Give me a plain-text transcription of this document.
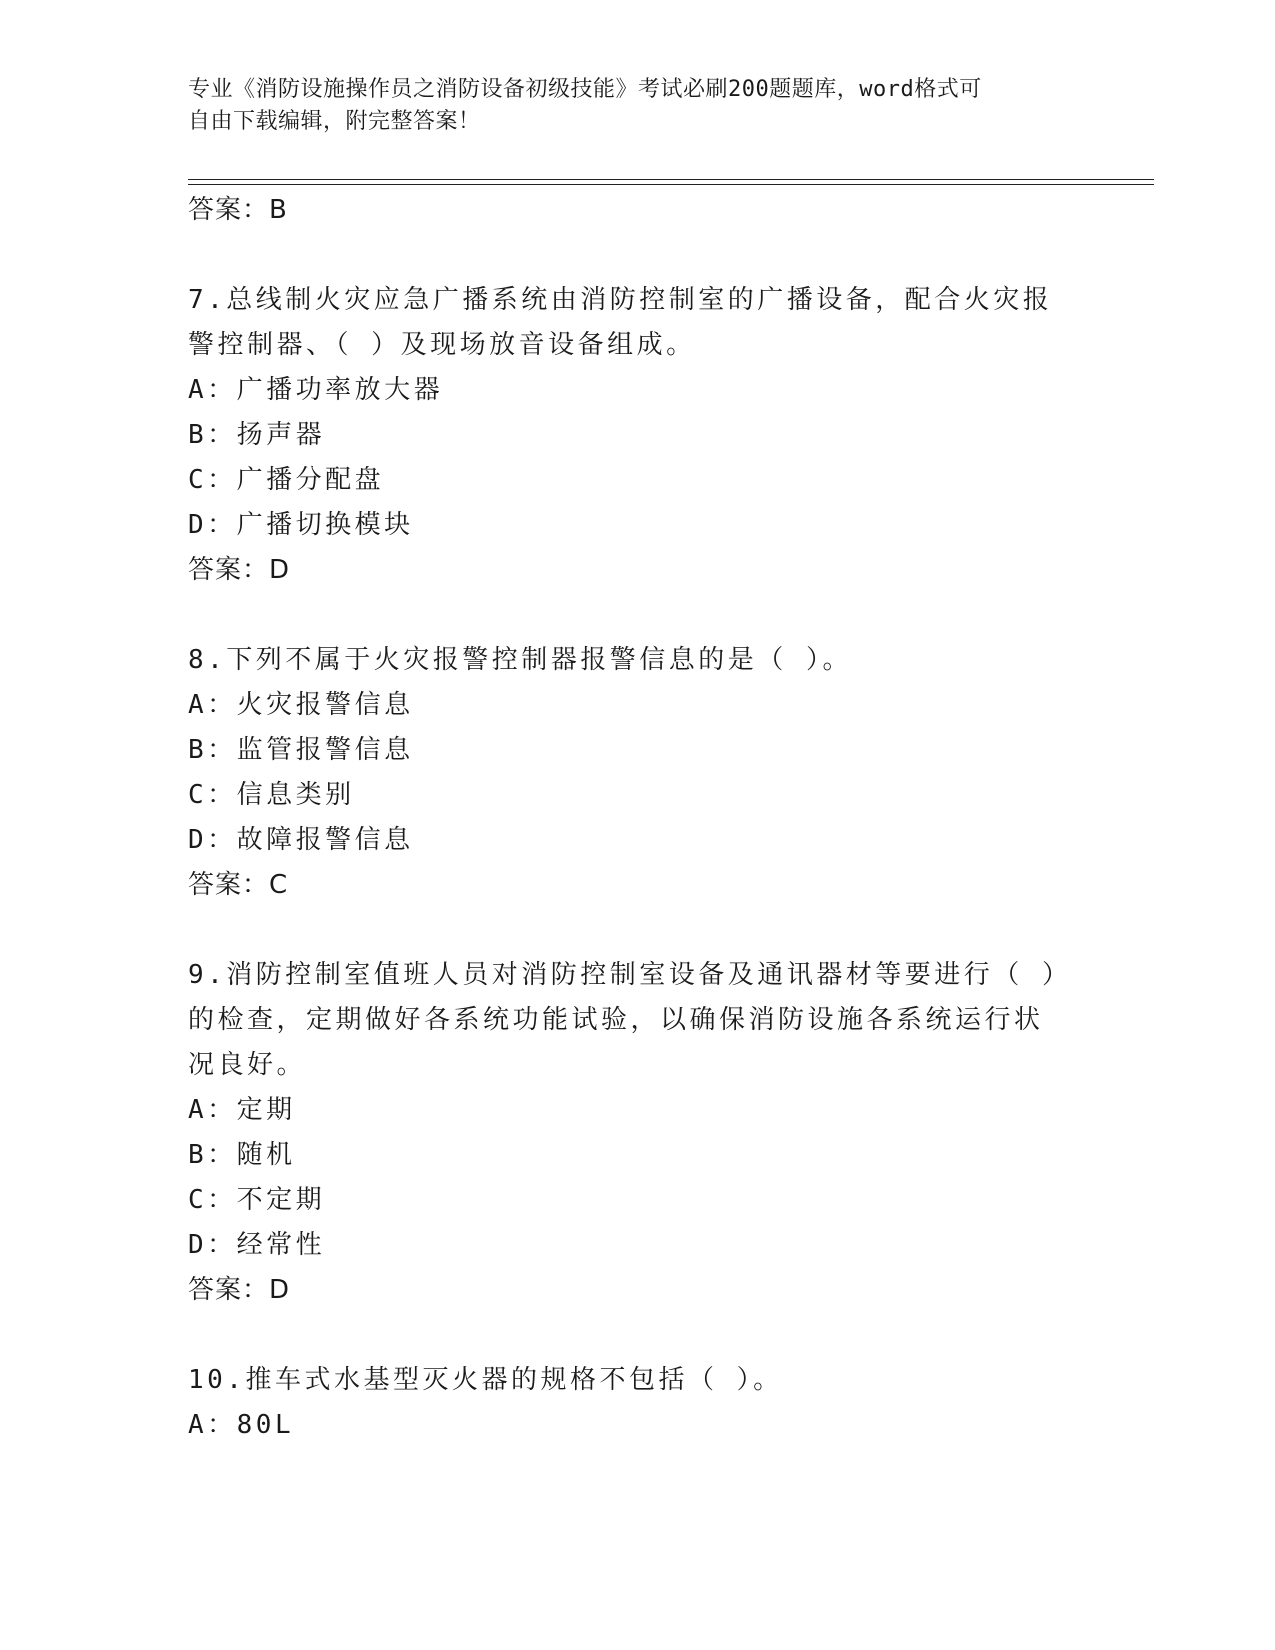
专业《消防设施操作员之消防设备初级技能》考试必刷200题题库，word格式可
自由下载编辑，附完整答案！
答案：B
7.总线制火灾应急广播系统由消防控制室的广播设备，配合火灾报警控制器、（ ）及现场放音设备组成。
A：广播功率放大器
B：扬声器
C：广播分配盘
D：广播切换模块
答案：D
8.下列不属于火灾报警控制器报警信息的是（ ）。
A：火灾报警信息
B：监管报警信息
C：信息类别
D：故障报警信息
答案：C
9.消防控制室值班人员对消防控制室设备及通讯器材等要进行（ ）的检查，定期做好各系统功能试验，以确保消防设施各系统运行状况良好。
A：定期
B：随机
C：不定期
D：经常性
答案：D
10.推车式水基型灭火器的规格不包括（ ）。
A：80L
